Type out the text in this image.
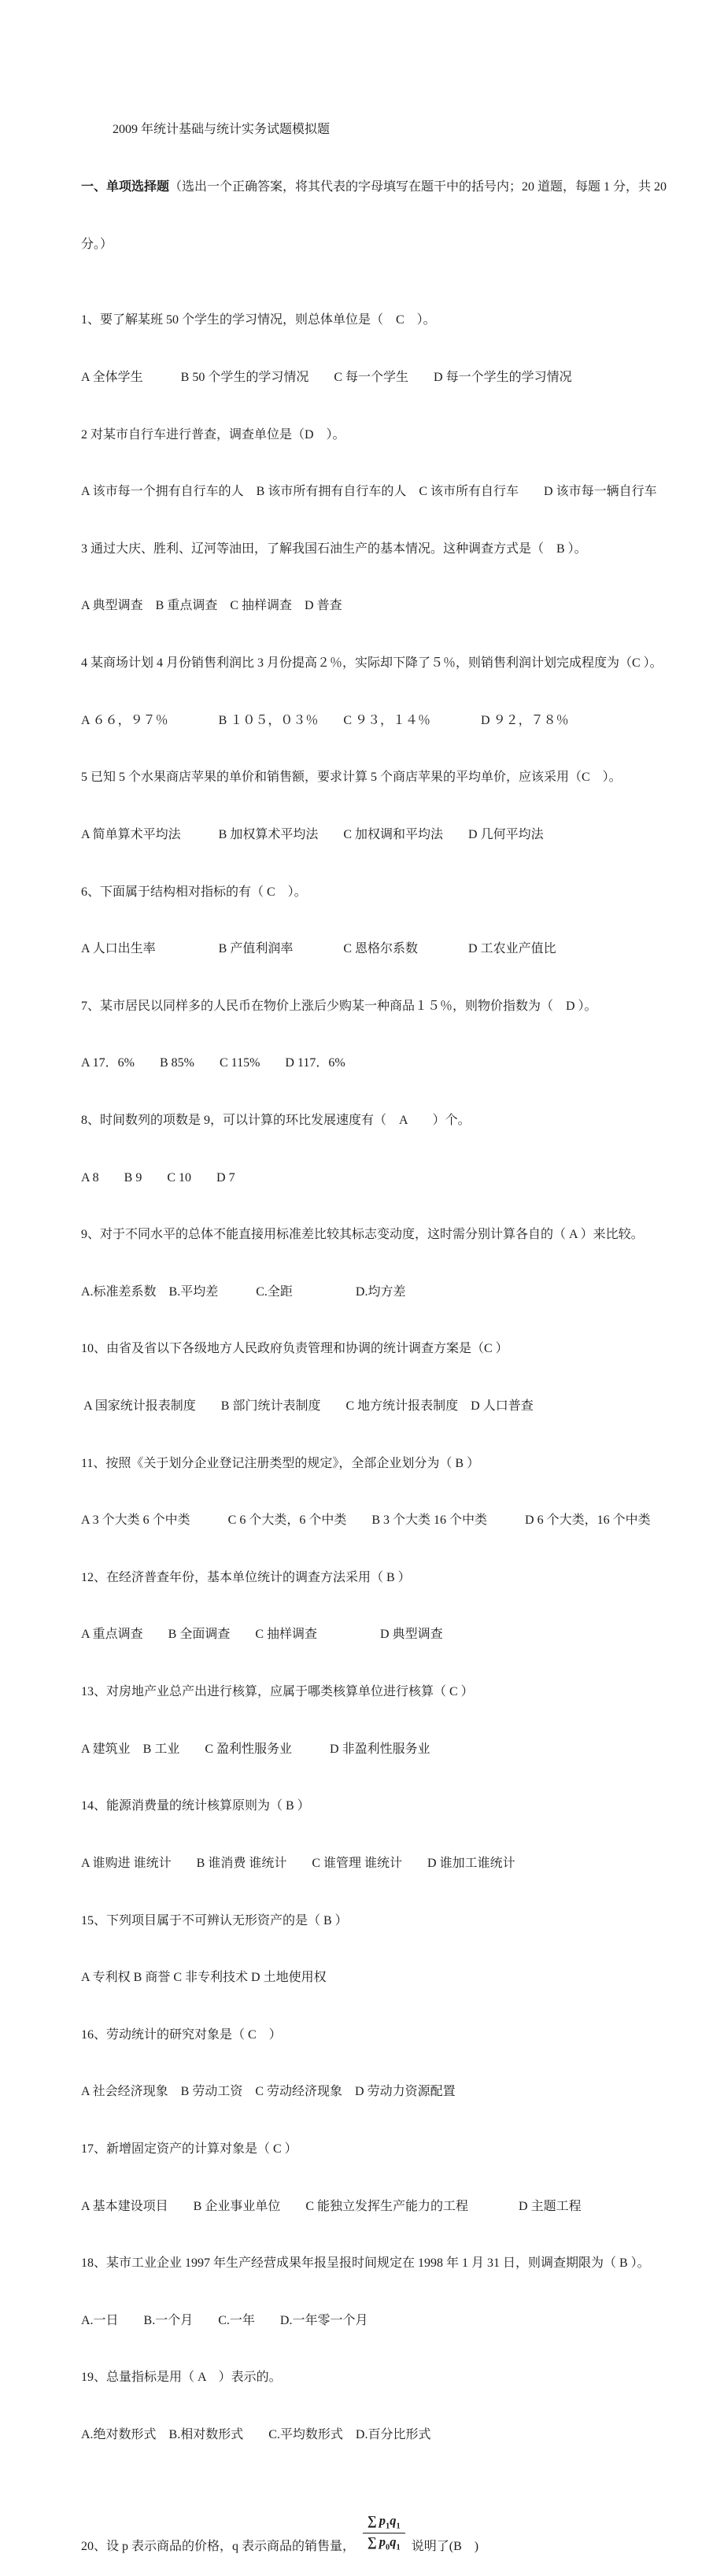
2009 年统计基础与统计实务试题模拟题

一、单项选择题（选出一个正确答案，将其代表的字母填写在题干中的括号内；20 道题，每题 1 分，共 20

分。）

1、要了解某班 50 个学生的学习情况，则总体单位是（　C　）。

A 全体学生　　　B 50 个学生的学习情况　　C 每一个学生　　D 每一个学生的学习情况

2 对某市自行车进行普查，调查单位是（D　）。

A 该市每一个拥有自行车的人　B 该市所有拥有自行车的人　C 该市所有自行车　　D 该市每一辆自行车

3 通过大庆、胜利、辽河等油田，了解我国石油生产的基本情况。这种调查方式是（　B ）。

A 典型调查　B 重点调查　C 抽样调查　D 普查

4 某商场计划 4 月份销售利润比 3 月份提高２％，实际却下降了５％，则销售利润计划完成程度为（C ）。

A ６６，９７％　　　　B １０５，０３％　　C ９３，１４％　　　　D ９２，７８％

5 已知 5 个水果商店苹果的单价和销售额，要求计算 5 个商店苹果的平均单价，应该采用（C　）。

A 简单算术平均法　　　B 加权算术平均法　　C 加权调和平均法　　D 几何平均法

6、下面属于结构相对指标的有（ C　）。

A 人口出生率　　　　　B 产值利润率　　　　C 恩格尔系数　　　　D 工农业产值比

7、某市居民以同样多的人民币在物价上涨后少购某一种商品１５％，则物价指数为（　D ）。

A 17．6%　　B 85%　　C 115%　　D 117．6%

8、时间数列的项数是 9，可以计算的环比发展速度有（　A　　）个。

A 8　　B 9　　C 10　　D 7

9、对于不同水平的总体不能直接用标准差比较其标志变动度，这时需分别计算各自的（ A ）来比较。

A.标准差系数　B.平均差　　　C.全距　　　　　D.均方差

10、由省及省以下各级地方人民政府负责管理和协调的统计调查方案是（C ）

A 国家统计报表制度　　B 部门统计表制度　　C 地方统计报表制度　D 人口普查

11、按照《关于划分企业登记注册类型的规定》，全部企业划分为（ B ）

A 3 个大类 6 个中类　　　C 6 个大类，6 个中类　　B 3 个大类 16 个中类　　　D 6 个大类，16 个中类

12、在经济普查年份，基本单位统计的调查方法采用（ B ）

A 重点调查　　B 全面调查　　C 抽样调查　　　　　D 典型调查

13、对房地产业总产出进行核算，应属于哪类核算单位进行核算（ C ）

A 建筑业　B 工业　　C 盈利性服务业　　　D 非盈利性服务业

14、能源消费量的统计核算原则为（ B ）

A 谁购进 谁统计　　B 谁消费 谁统计　　C 谁管理 谁统计　　D 谁加工谁统计

15、下列项目属于不可辨认无形资产的是（ B ）

A 专利权 B 商誉 C 非专利技术 D 土地使用权

16、劳动统计的研究对象是（ C　）

A 社会经济现象　B 劳动工资　C 劳动经济现象　D 劳动力资源配置

17、新增固定资产的计算对象是（ C ）

A 基本建设项目　　B 企业事业单位　　C 能独立发挥生产能力的工程　　　　D 主题工程

18、某市工业企业 1997 年生产经营成果年报呈报时间规定在 1998 年 1 月 31 日，则调查期限为（ B ）。

A.一日　　B.一个月　　C.一年　　D.一年零一个月

19、总量指标是用（ A　）表示的。

A.绝对数形式　B.相对数形式　　C.平均数形式　D.百分比形式

20、设 p 表示商品的价格，q 表示商品的销售量， $\frac{\sum p_1q_1}{\sum p_0q_1}$ 说明了(B　)
